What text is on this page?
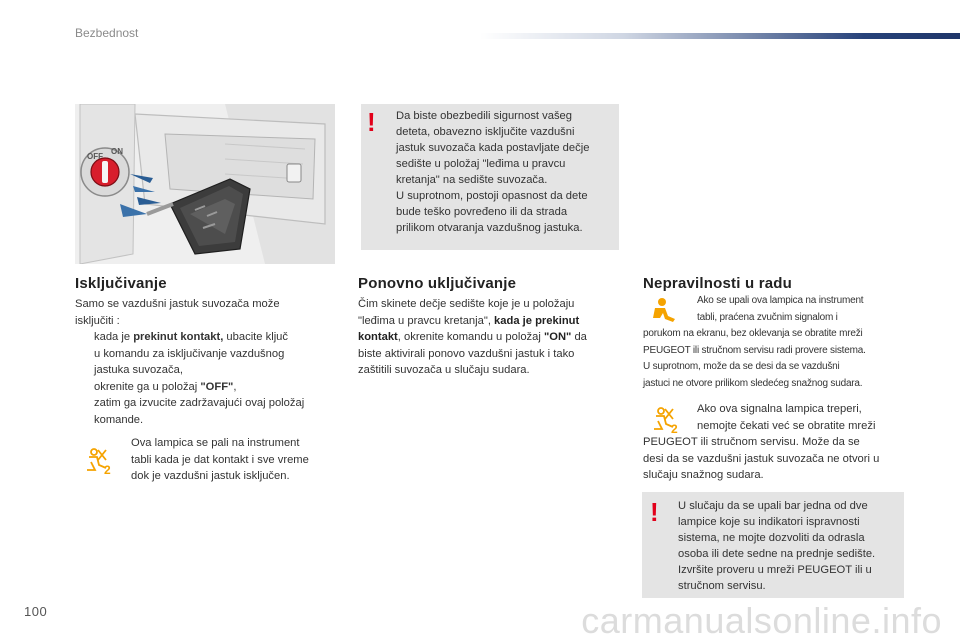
Bezbednost
OFF
ON
! Da biste obezbedili sigurnost vašeg
deteta, obavezno isključite vazdušni
jastuk suvozača kada postavljate dečje
sedište u položaj "leđima u pravcu
kretanja" na sedište suvozača.
U suprotnom, postoji opasnost da dete
bude teško povređeno ili da strada
prilikom otvaranja vazdušnog jastuka.
Isključivanje
Samo se vazdušni jastuk suvozača može
isključiti :
kada je prekinut kontakt, ubacite ključ
u komandu za isključivanje vazdušnog
jastuka suvozača,
okrenite ga u položaj "OFF",
zatim ga izvucite zadržavajući ovaj položaj
komande.
2
Ova lampica se pali na instrument
tabli kada je dat kontakt i sve vreme
dok je vazdušni jastuk isključen.
Ponovno uključivanje
Čim skinete dečje sedište koje je u položaju
"leđima u pravcu kretanja", kada je prekinut
kontakt, okrenite komandu u položaj "ON" da
biste aktivirali ponovo vazdušni jastuk i tako
zaštitili suvozača u slučaju sudara.
Nepravilnosti u radu
Ako se upali ova lampica na instrument
tabli, praćena zvučnim signalom i
porukom na ekranu, bez oklevanja se obratite mreži
PEUGEOT ili stručnom servisu radi provere sistema.
U suprotnom, može da se desi da se vazdušni
jastuci ne otvore prilikom sledećeg snažnog sudara.
2
Ako ova signalna lampica treperi,
nemojte čekati već se obratite mreži
PEUGEOT ili stručnom servisu. Može da se
desi da se vazdušni jastuk suvozača ne otvori u
slučaju snažnog sudara.
! U slučaju da se upali bar jedna od dve
lampice koje su indikatori ispravnosti
sistema, ne mojte dozvoliti da odrasla
osoba ili dete sedne na prednje sedište.
Izvršite proveru u mreži PEUGEOT ili u
stručnom servisu.
100	carmanualsonline.info
